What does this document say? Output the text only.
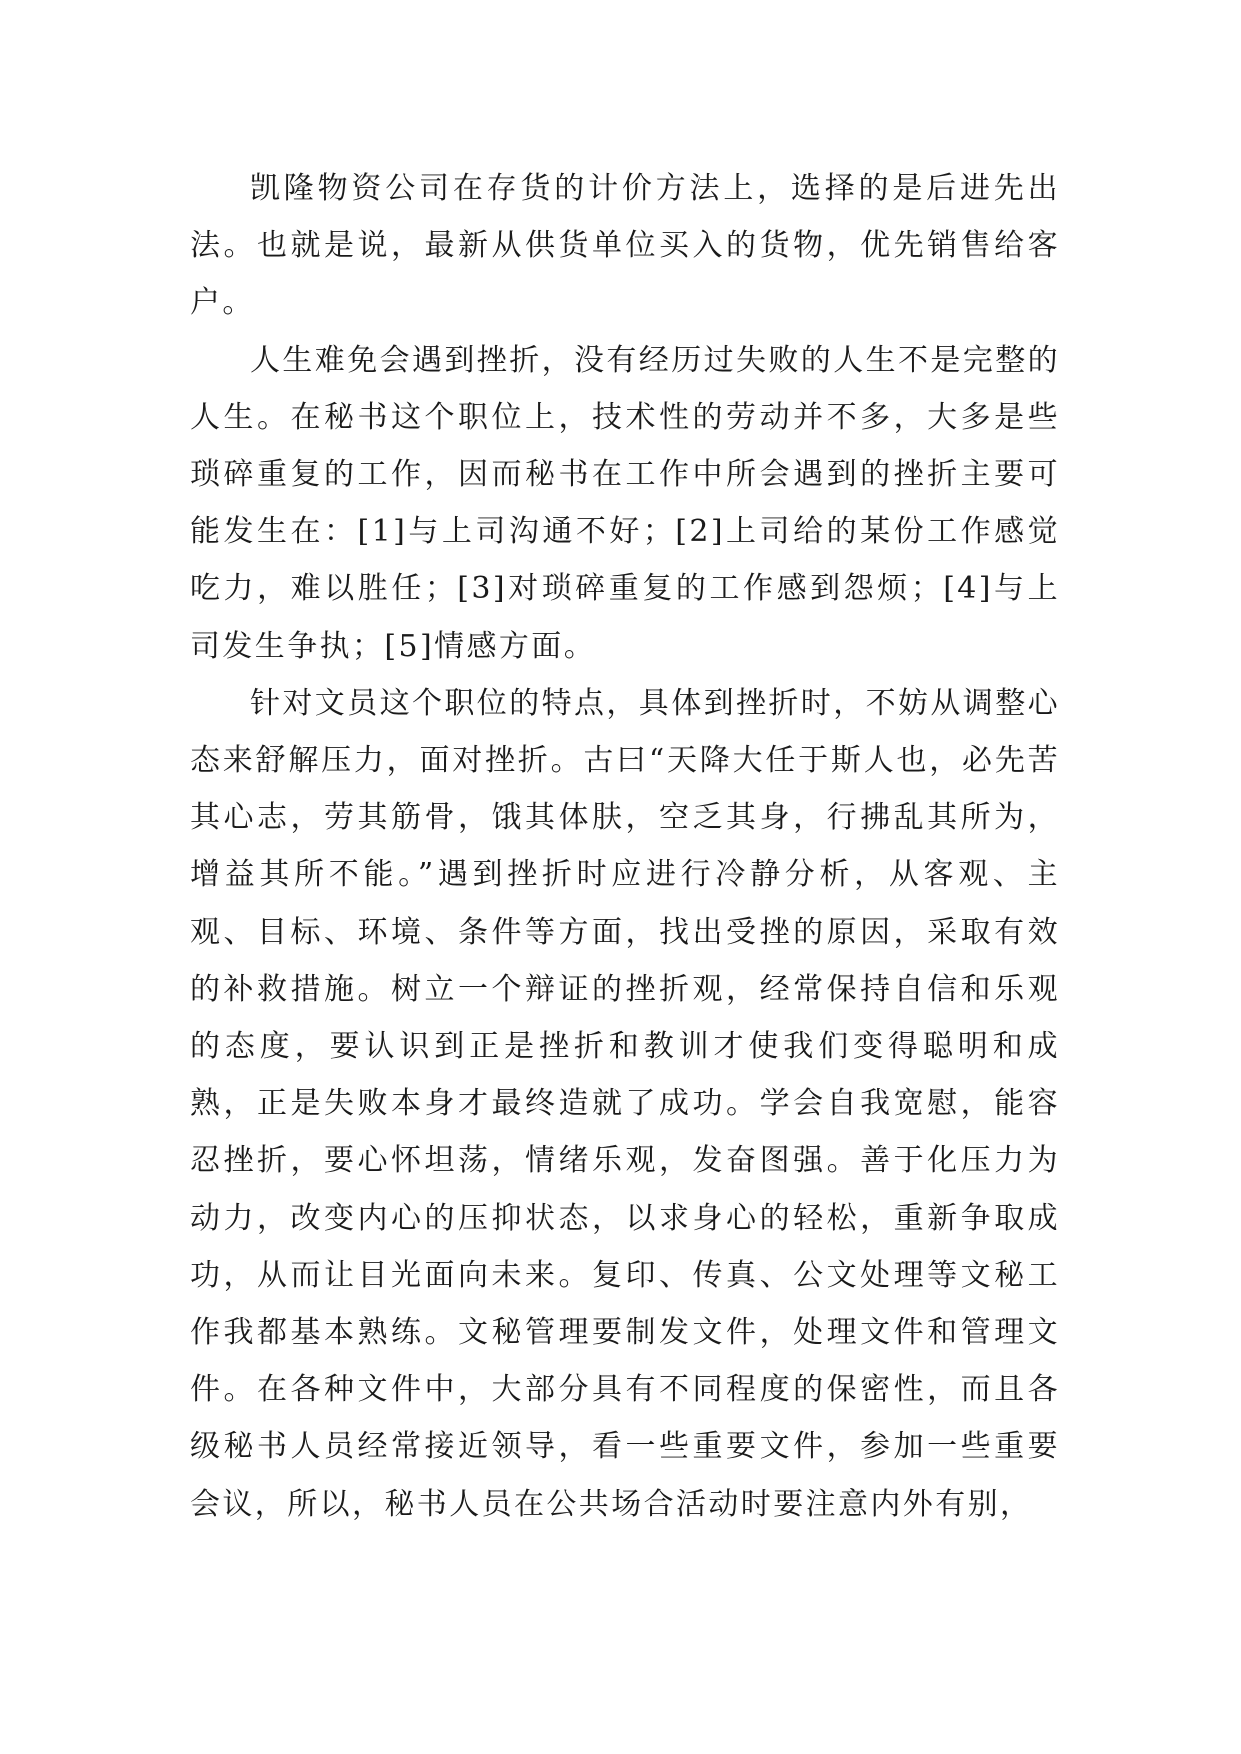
凯隆物资公司在存货的计价方法上，选择的是后进先出法。也就是说，最新从供货单位买入的货物，优先销售给客户。

人生难免会遇到挫折，没有经历过失败的人生不是完整的人生。在秘书这个职位上，技术性的劳动并不多，大多是些琐碎重复的工作，因而秘书在工作中所会遇到的挫折主要可能发生在：[1]与上司沟通不好；[2]上司给的某份工作感觉吃力，难以胜任；[3]对琐碎重复的工作感到怨烦；[4]与上司发生争执；[5]情感方面。

针对文员这个职位的特点，具体到挫折时，不妨从调整心态来舒解压力，面对挫折。古曰“天降大任于斯人也，必先苦其心志，劳其筋骨，饿其体肤，空乏其身，行拂乱其所为，增益其所不能。”遇到挫折时应进行冷静分析，从客观、主观、目标、环境、条件等方面，找出受挫的原因，采取有效的补救措施。树立一个辩证的挫折观，经常保持自信和乐观的态度，要认识到正是挫折和教训才使我们变得聪明和成熟，正是失败本身才最终造就了成功。学会自我宽慰，能容忍挫折，要心怀坦荡，情绪乐观，发奋图强。善于化压力为动力，改变内心的压抑状态，以求身心的轻松，重新争取成功，从而让目光面向未来。复印、传真、公文处理等文秘工作我都基本熟练。文秘管理要制发文件，处理文件和管理文件。在各种文件中，大部分具有不同程度的保密性，而且各级秘书人员经常接近领导，看一些重要文件，参加一些重要会议，所以，秘书人员在公共场合活动时要注意内外有别，
